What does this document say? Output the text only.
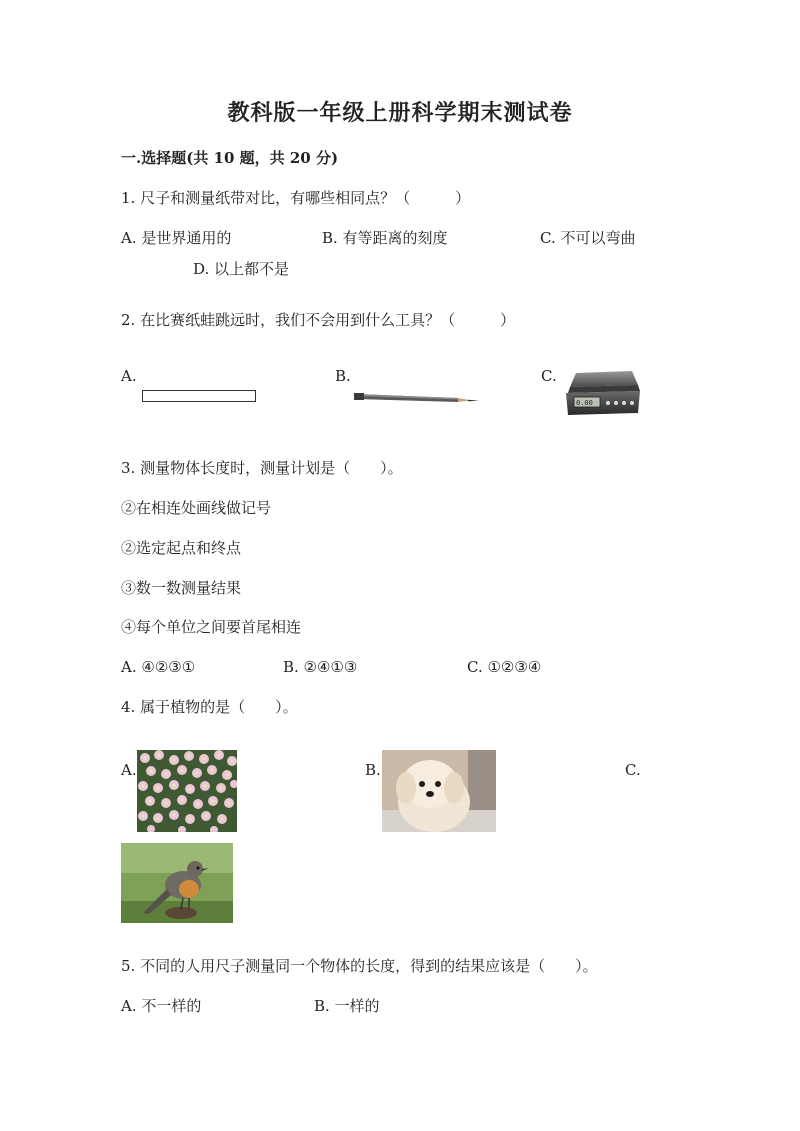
教科版一年级上册科学期末测试卷
一.选择题(共 10 题，共 20 分)
1. 尺子和测量纸带对比，有哪些相同点？（　　　）
A. 是世界通用的	B. 有等距离的刻度	C. 不可以弯曲
D. 以上都不是
2. 在比赛纸蛙跳远时，我们不会用到什么工具？（　　　）
A.	B.	C.
0.00
3. 测量物体长度时，测量计划是（　　）。
②在相连处画线做记号
②选定起点和终点
③数一数测量结果
④每个单位之间要首尾相连
A. ④②③①	B. ②④①③	C. ①②③④
4. 属于植物的是（　　）。
A.	B.	C.
5. 不同的人用尺子测量同一个物体的长度，得到的结果应该是（　　）。
A. 不一样的	B. 一样的
